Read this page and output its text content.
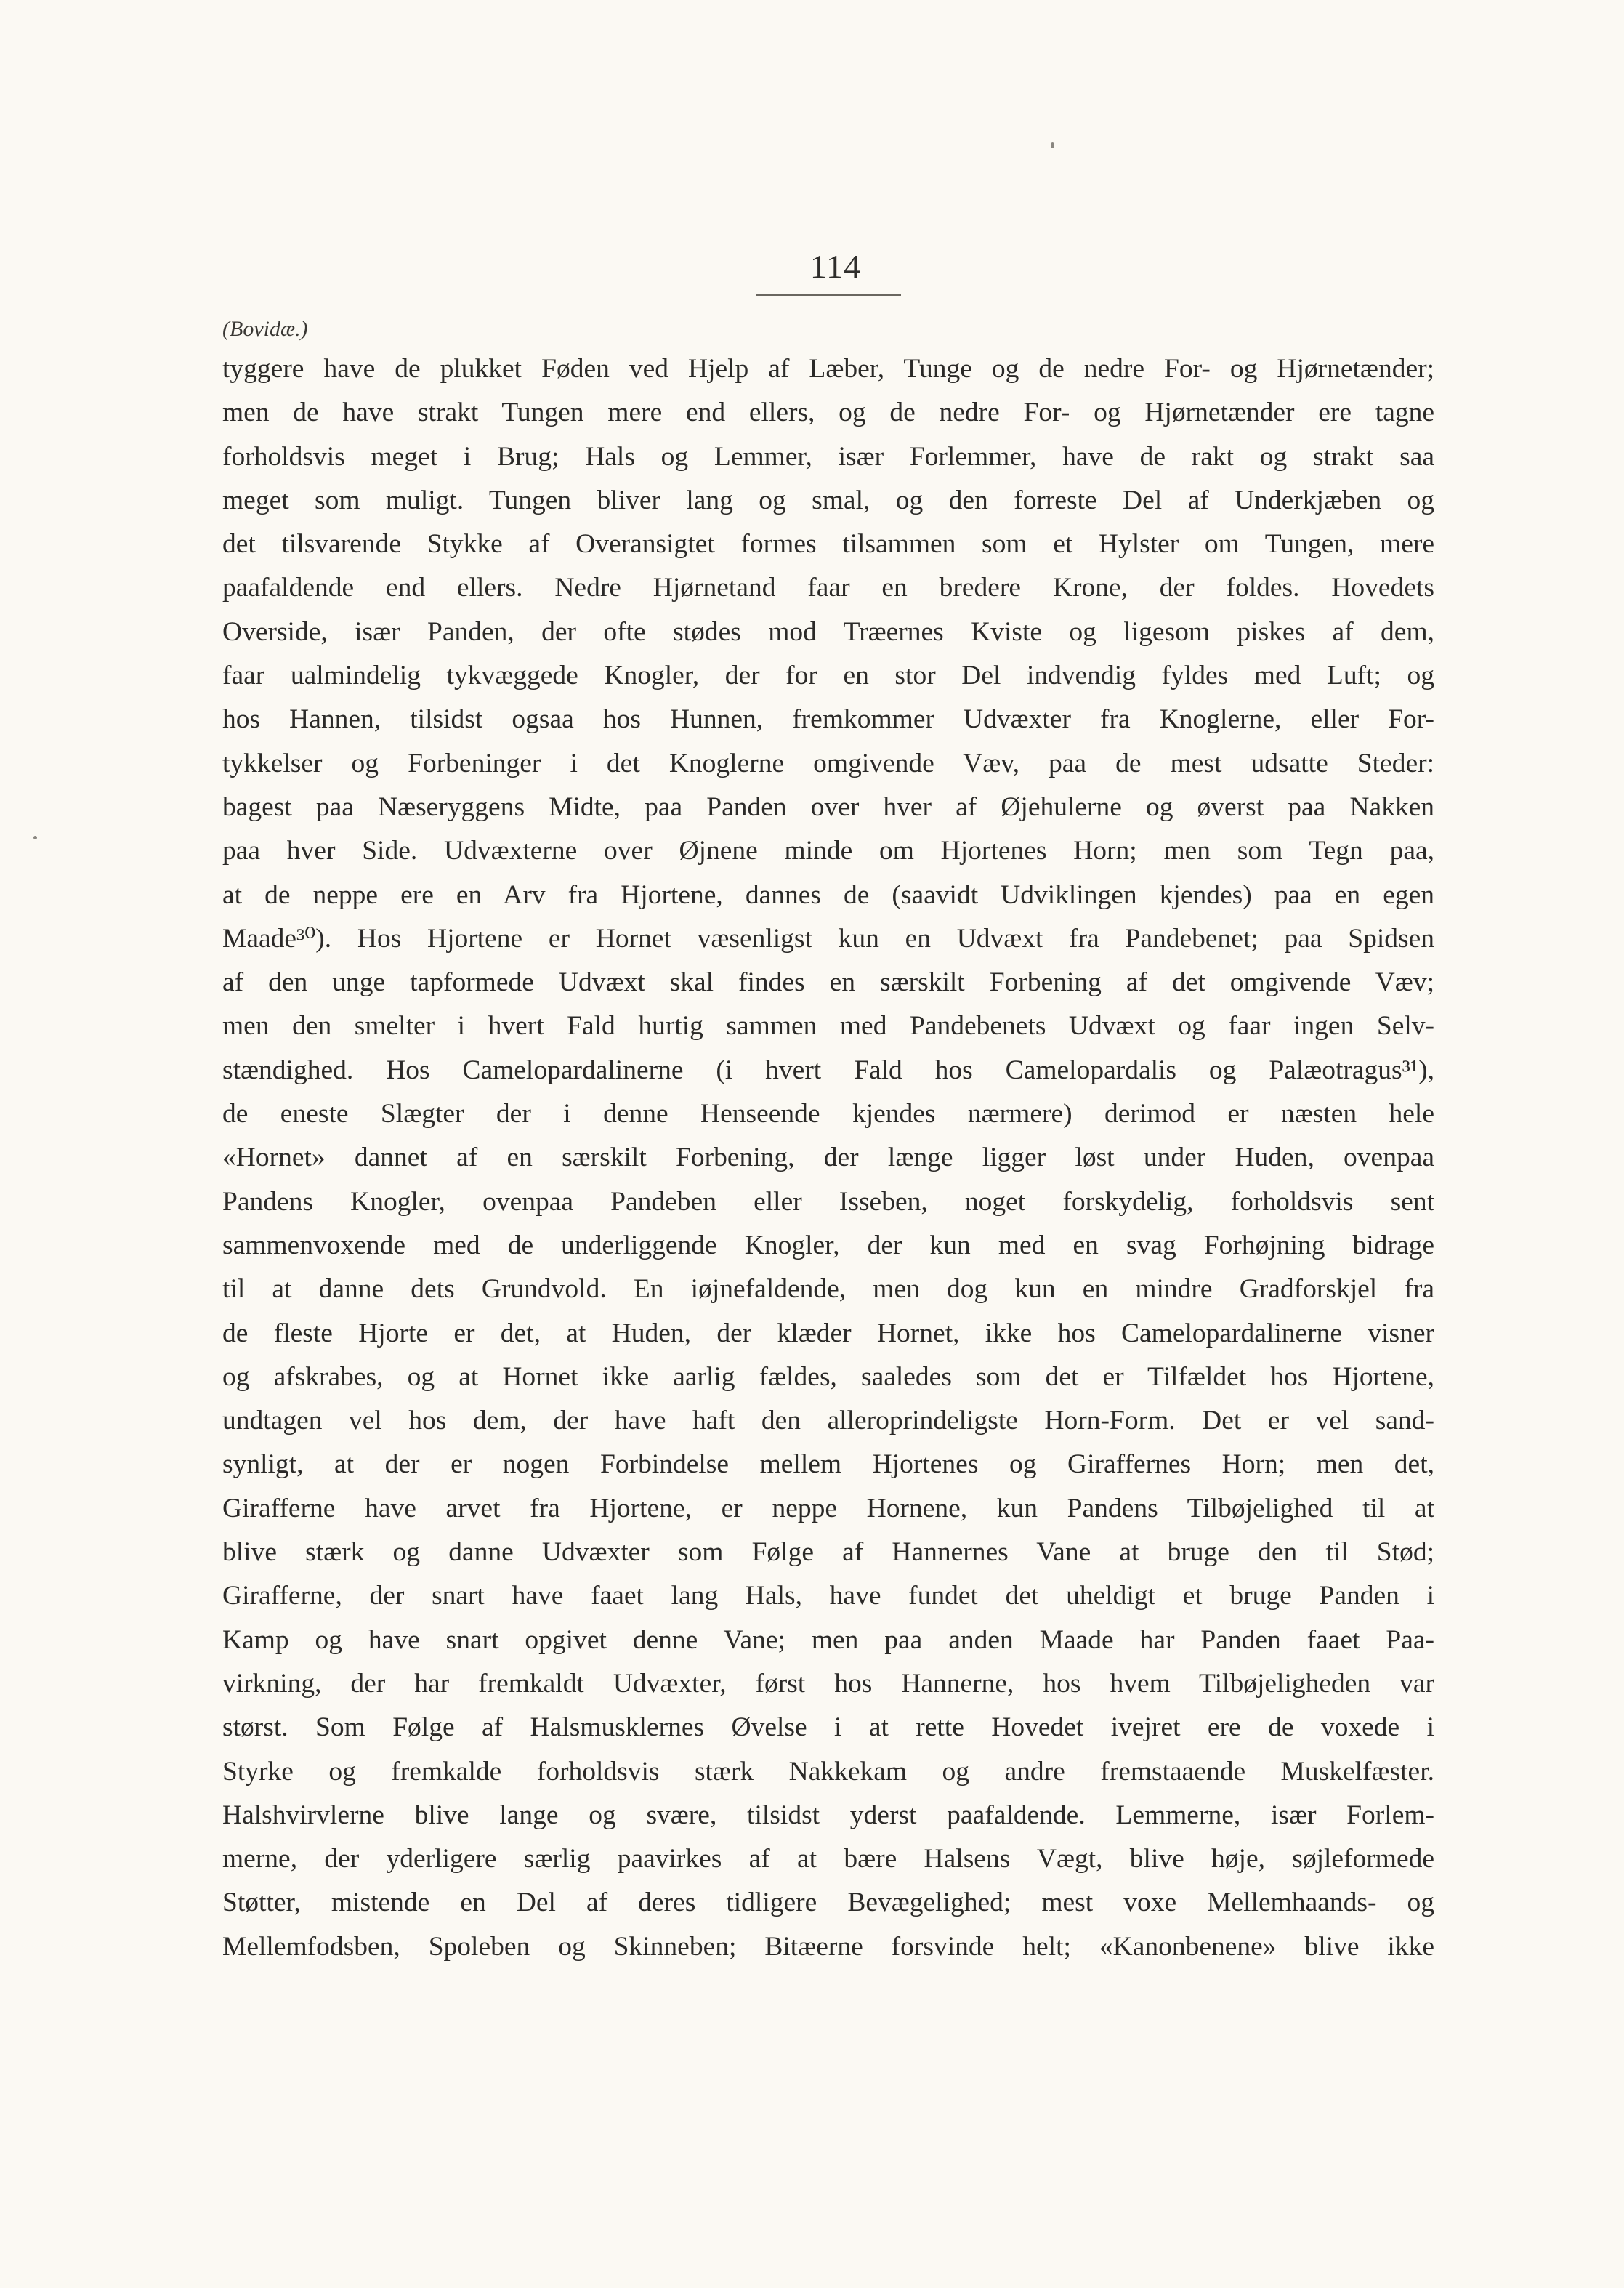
114
(Bovidæ.)
tyggere have de plukket Føden ved Hjelp af Læber, Tunge og de nedre For- og Hjørnetænder;
men de have strakt Tungen mere end ellers, og de nedre For- og Hjørnetænder ere tagne
forholdsvis meget i Brug; Hals og Lemmer, især Forlemmer, have de rakt og strakt saa
meget som muligt. Tungen bliver lang og smal, og den forreste Del af Underkjæben og
det tilsvarende Stykke af Overansigtet formes tilsammen som et Hylster om Tungen, mere
paafaldende end ellers. Nedre Hjørnetand faar en bredere Krone, der foldes. Hovedets
Overside, især Panden, der ofte stødes mod Træernes Kviste og ligesom piskes af dem,
faar ualmindelig tykvæggede Knogler, der for en stor Del indvendig fyldes med Luft; og
hos Hannen, tilsidst ogsaa hos Hunnen, fremkommer Udvæxter fra Knoglerne, eller For-
tykkelser og Forbeninger i det Knoglerne omgivende Væv, paa de mest udsatte Steder:
bagest paa Næseryggens Midte, paa Panden over hver af Øjehulerne og øverst paa Nakken
paa hver Side. Udvæxterne over Øjnene minde om Hjortenes Horn; men som Tegn paa,
at de neppe ere en Arv fra Hjortene, dannes de (saavidt Udviklingen kjendes) paa en egen
Maade³⁰). Hos Hjortene er Hornet væsenligst kun en Udvæxt fra Pandebenet; paa Spidsen
af den unge tapformede Udvæxt skal findes en særskilt Forbening af det omgivende Væv;
men den smelter i hvert Fald hurtig sammen med Pandebenets Udvæxt og faar ingen Selv-
stændighed. Hos Camelopardalinerne (i hvert Fald hos Camelopardalis og Palæotragus³¹),
de eneste Slægter der i denne Henseende kjendes nærmere) derimod er næsten hele
«Hornet» dannet af en særskilt Forbening, der længe ligger løst under Huden, ovenpaa
Pandens Knogler, ovenpaa Pandeben eller Isseben, noget forskydelig, forholdsvis sent
sammenvoxende med de underliggende Knogler, der kun med en svag Forhøjning bidrage
til at danne dets Grundvold. En iøjnefaldende, men dog kun en mindre Gradforskjel fra
de fleste Hjorte er det, at Huden, der klæder Hornet, ikke hos Camelopardalinerne visner
og afskrabes, og at Hornet ikke aarlig fældes, saaledes som det er Tilfældet hos Hjortene,
undtagen vel hos dem, der have haft den alleroprindeligste Horn-Form. Det er vel sand-
synligt, at der er nogen Forbindelse mellem Hjortenes og Giraffernes Horn; men det,
Girafferne have arvet fra Hjortene, er neppe Hornene, kun Pandens Tilbøjelighed til at
blive stærk og danne Udvæxter som Følge af Hannernes Vane at bruge den til Stød;
Girafferne, der snart have faaet lang Hals, have fundet det uheldigt et bruge Panden i
Kamp og have snart opgivet denne Vane; men paa anden Maade har Panden faaet Paa-
virkning, der har fremkaldt Udvæxter, først hos Hannerne, hos hvem Tilbøjeligheden var
størst. Som Følge af Halsmusklernes Øvelse i at rette Hovedet ivejret ere de voxede i
Styrke og fremkalde forholdsvis stærk Nakkekam og andre fremstaaende Muskelfæster.
Halshvirvlerne blive lange og svære, tilsidst yderst paafaldende. Lemmerne, især Forlem-
merne, der yderligere særlig paavirkes af at bære Halsens Vægt, blive høje, søjleformede
Støtter, mistende en Del af deres tidligere Bevægelighed; mest voxe Mellemhaands- og
Mellemfodsben, Spoleben og Skinneben; Bitæerne forsvinde helt; «Kanonbenene» blive ikke
